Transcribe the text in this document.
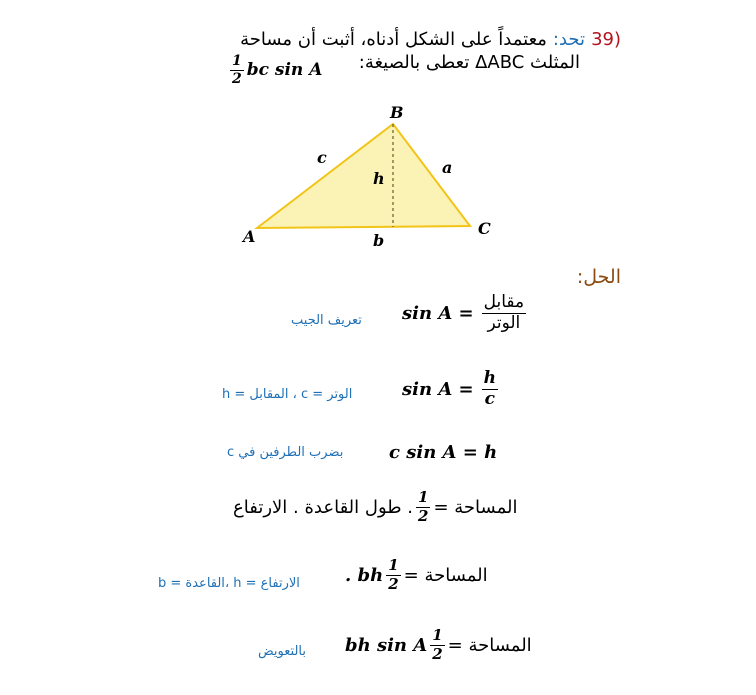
معتمداً على الشكل أدناه، أثبت أن مساحة تحد: 39)
المثلث ΔABC تعطى بالصيغة:
$\frac{1}{2}$ bc sin A
B
A	C
c
a
b
h
الحل:
$\sin A = \frac{\text{مقابل}}{\text{الوتر}}$
تعريف الجيب
$\sin A = \frac{h}{c}$
h = المقابل ، c = الوتر
c sin A = h
بضرب الطرفين في c
. طول القاعدة . الارتفاع $\frac{1}{2}$ المساحة =
. bh $\frac{1}{2}$ المساحة =
b = القاعدة، h = الارتفاع
bh sin A $\frac{1}{2}$ المساحة =
بالتعويض
